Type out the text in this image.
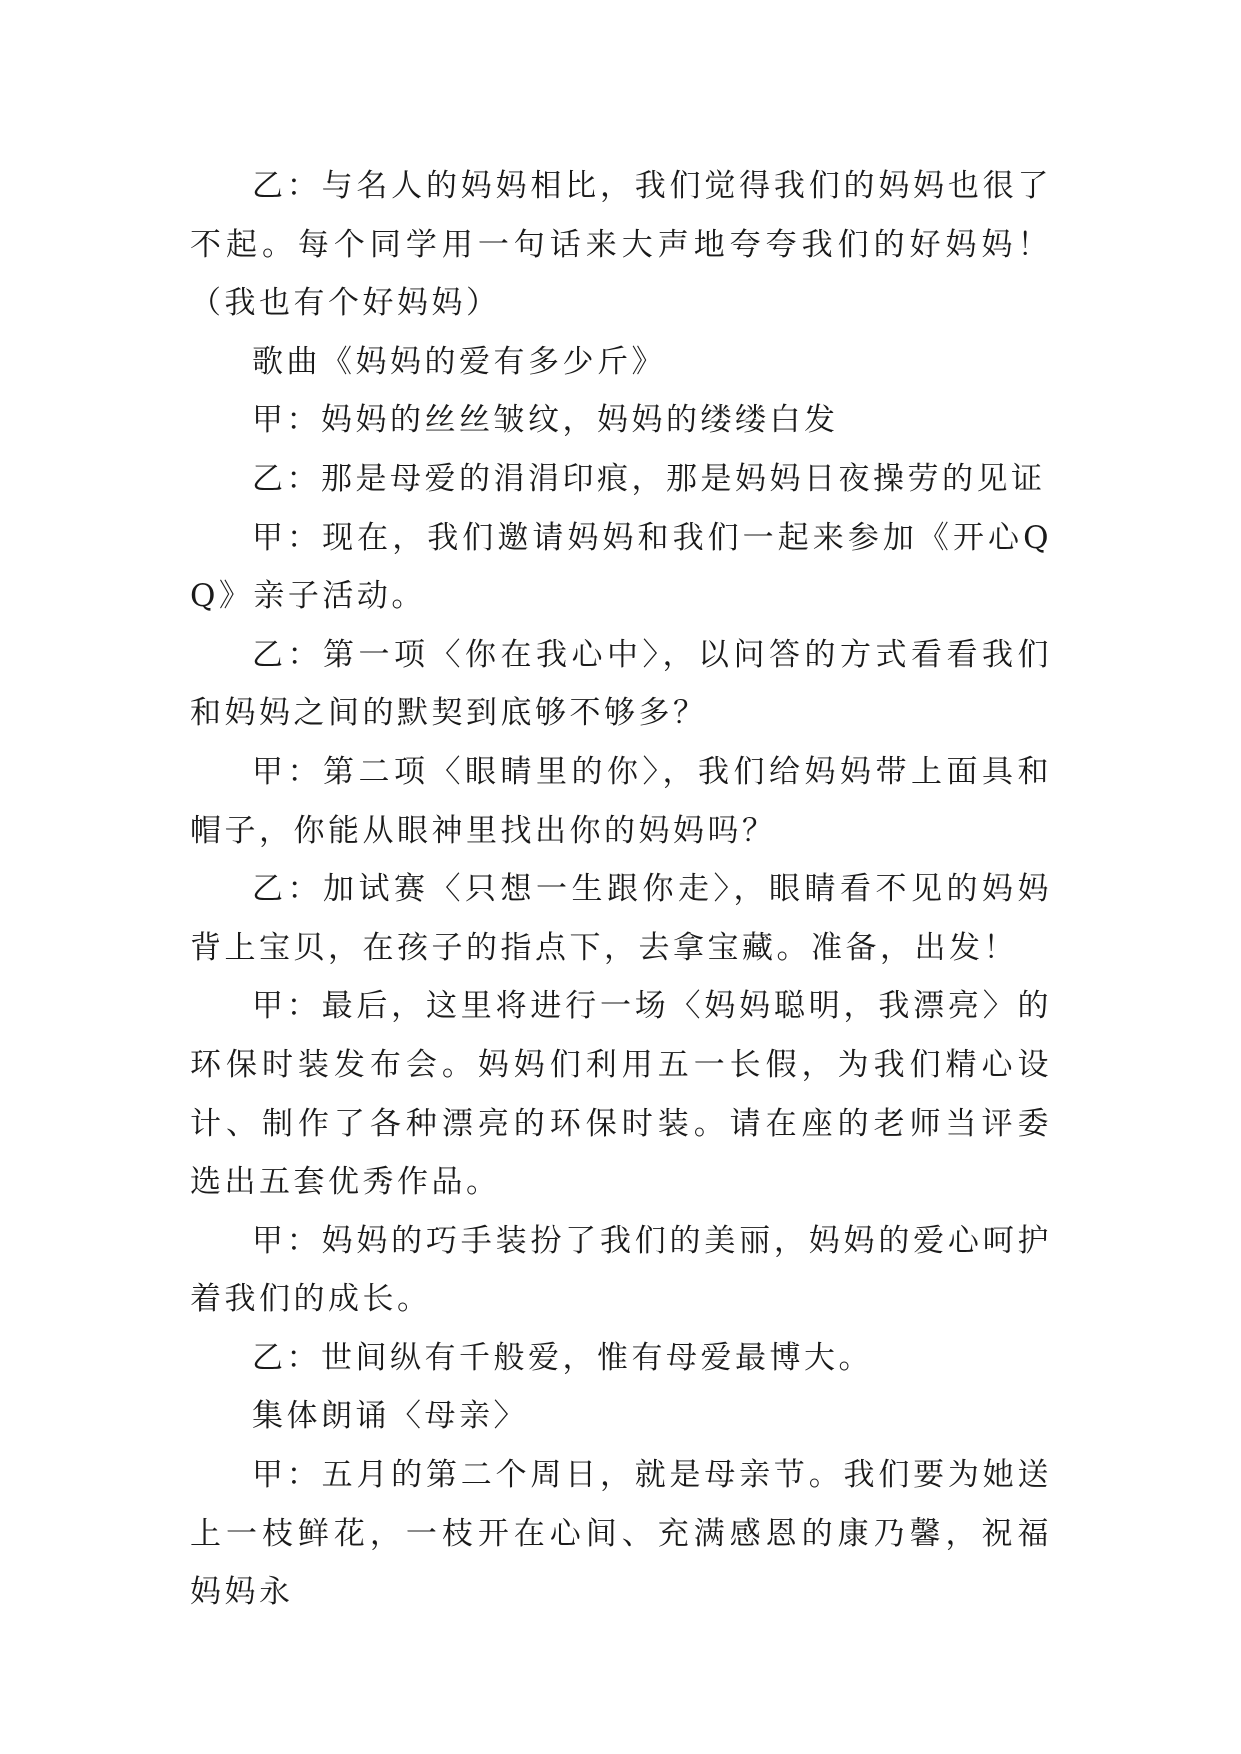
乙：与名人的妈妈相比，我们觉得我们的妈妈也很了不起。每个同学用一句话来大声地夸夸我们的好妈妈！（我也有个好妈妈）

歌曲《妈妈的爱有多少斤》

甲：妈妈的丝丝皱纹，妈妈的缕缕白发

乙：那是母爱的涓涓印痕，那是妈妈日夜操劳的见证

甲：现在，我们邀请妈妈和我们一起来参加《开心QQ》亲子活动。

乙：第一项〈你在我心中〉，以问答的方式看看我们和妈妈之间的默契到底够不够多？

甲：第二项〈眼睛里的你〉，我们给妈妈带上面具和帽子，你能从眼神里找出你的妈妈吗？

乙：加试赛〈只想一生跟你走〉，眼睛看不见的妈妈背上宝贝，在孩子的指点下，去拿宝藏。准备，出发！

甲：最后，这里将进行一场〈妈妈聪明，我漂亮〉的环保时装发布会。妈妈们利用五一长假，为我们精心设计、制作了各种漂亮的环保时装。请在座的老师当评委选出五套优秀作品。

甲：妈妈的巧手装扮了我们的美丽，妈妈的爱心呵护着我们的成长。

乙：世间纵有千般爱，惟有母爱最博大。

集体朗诵〈母亲〉

甲：五月的第二个周日，就是母亲节。我们要为她送上一枝鲜花，一枝开在心间、充满感恩的康乃馨，祝福妈妈永
